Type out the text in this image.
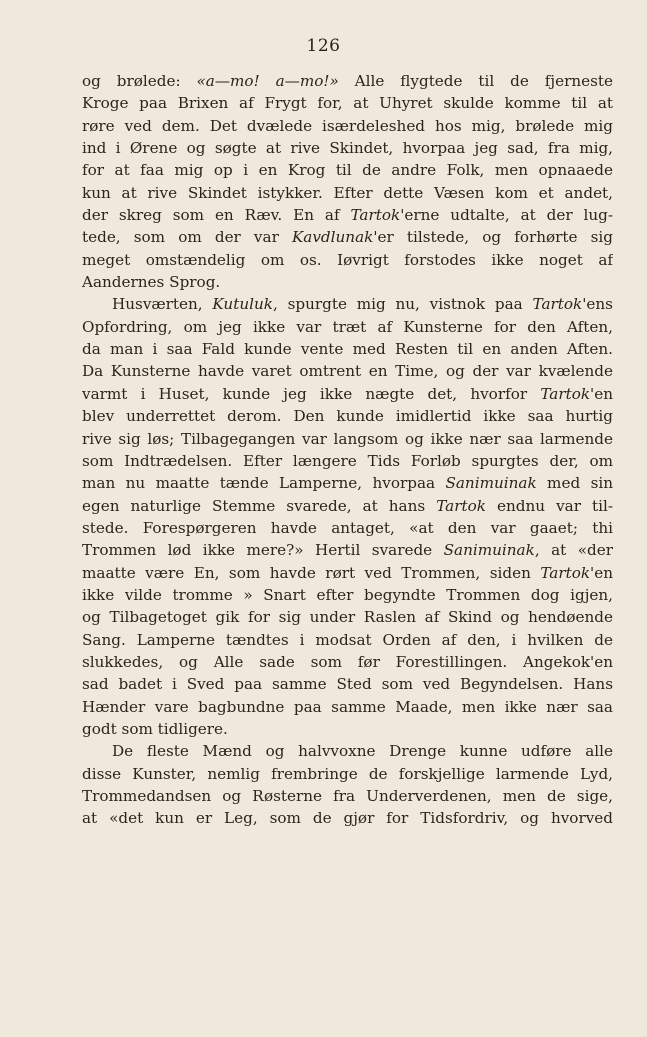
126
og brølede: «a—mo! a—mo!» Alle flygtede til de fjerneste
Kroge paa Brixen af Frygt for, at Uhyret skulde komme til at
røre ved dem. Det dvælede isærdeleshed hos mig, brølede mig
ind i Ørene og søgte at rive Skindet, hvorpaa jeg sad, fra mig,
for at faa mig op i en Krog til de andre Folk, men opnaaede
kun at rive Skindet istykker. Efter dette Væsen kom et andet,
der skreg som en Ræv. En af Tartok'erne udtalte, at der lug-
tede, som om der var Kavdlunak'er tilstede, og forhørte sig
meget omstændelig om os. Iøvrigt forstodes ikke noget af
Aandernes Sprog.
Husværten, Kutuluk, spurgte mig nu, vistnok paa Tartok'ens
Opfordring, om jeg ikke var træt af Kunsterne for den Aften,
da man i saa Fald kunde vente med Resten til en anden Aften.
Da Kunsterne havde varet omtrent en Time, og der var kvælende
varmt i Huset, kunde jeg ikke nægte det, hvorfor Tartok'en
blev underrettet derom. Den kunde imidlertid ikke saa hurtig
rive sig løs; Tilbagegangen var langsom og ikke nær saa larmende
som Indtrædelsen. Efter længere Tids Forløb spurgtes der, om
man nu maatte tænde Lamperne, hvorpaa Sanimuinak med sin
egen naturlige Stemme svarede, at hans Tartok endnu var til-
stede. Forespørgeren havde antaget, «at den var gaaet; thi
Trommen lød ikke mere?» Hertil svarede Sanimuinak, at «der
maatte være En, som havde rørt ved Trommen, siden Tartok'en
ikke vilde tromme » Snart efter begyndte Trommen dog igjen,
og Tilbagetoget gik for sig under Raslen af Skind og hendøende
Sang. Lamperne tændtes i modsat Orden af den, i hvilken de
slukkedes, og Alle sade som før Forestillingen. Angekok'en
sad badet i Sved paa samme Sted som ved Begyndelsen. Hans
Hænder vare bagbundne paa samme Maade, men ikke nær saa
godt som tidligere.
De fleste Mænd og halvvoxne Drenge kunne udføre alle
disse Kunster, nemlig frembringe de forskjellige larmende Lyd,
Trommedandsen og Røsterne fra Underverdenen, men de sige,
at «det kun er Leg, som de gjør for Tidsfordriv, og hvorved
